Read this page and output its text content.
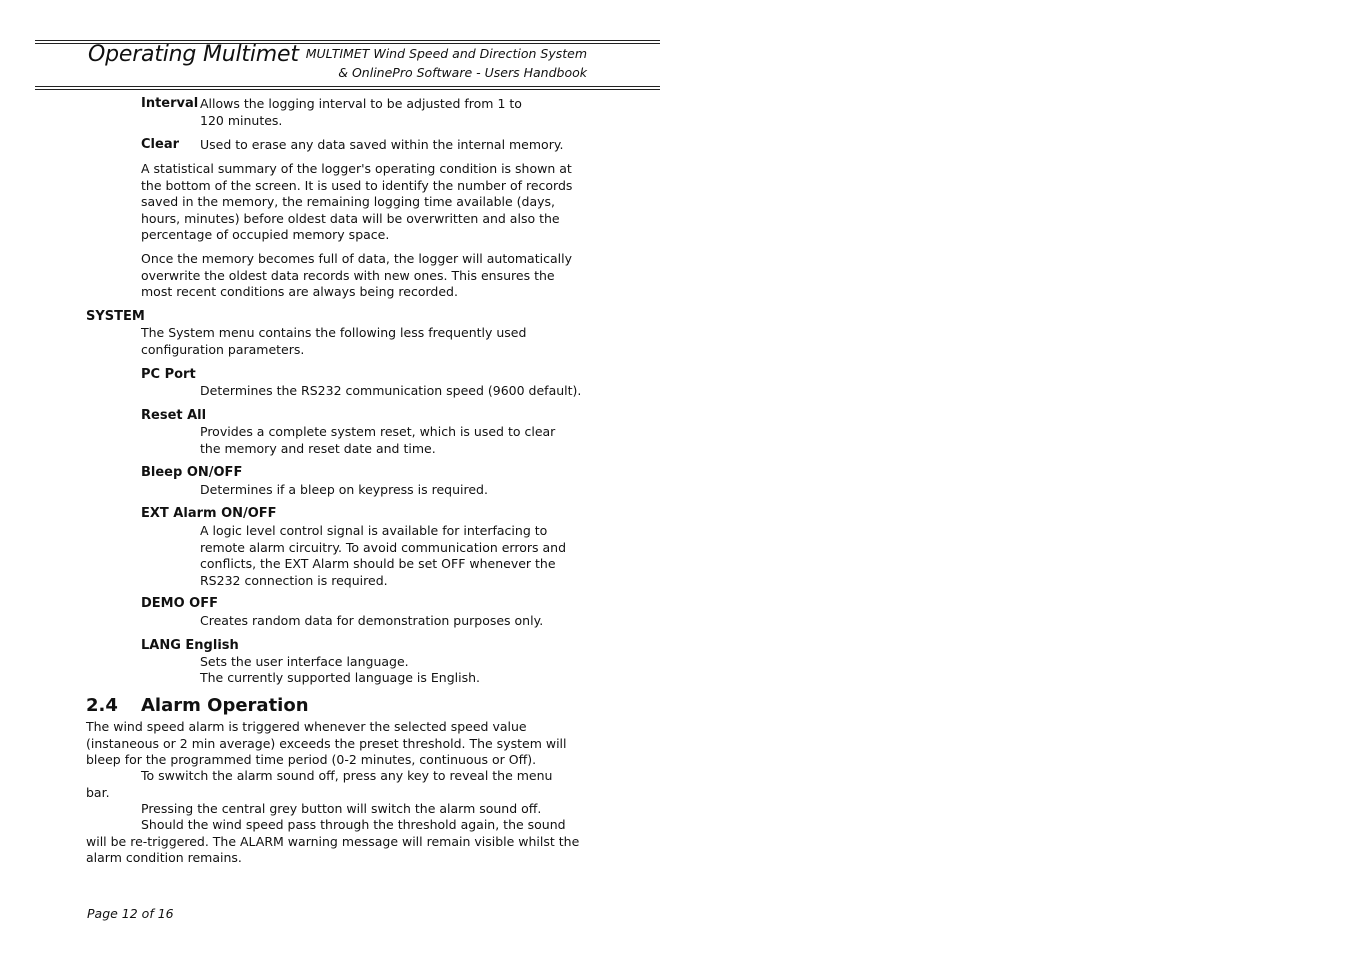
Operating Multimet MULTIMET Wind Speed and Direction System
& OnlinePro Software - Users Handbook
Interval Allows the logging interval to be adjusted from 1 to 120 minutes.
Clear Used to erase any data saved within the internal memory.
A statistical summary of the logger's operating condition is shown at the bottom of the screen. It is used to identify the number of records saved in the memory, the remaining logging time available (days, hours, minutes) before oldest data will be overwritten and also the percentage of occupied memory space.
Once the memory becomes full of data, the logger will automatically overwrite the oldest data records with new ones. This ensures the most recent conditions are always being recorded.
SYSTEM
The System menu contains the following less frequently used configuration parameters.
PC Port
Determines the RS232 communication speed (9600 default).
Reset All
Provides a complete system reset, which is used to clear the memory and reset date and time.
Bleep ON/OFF
Determines if a bleep on keypress is required.
EXT Alarm ON/OFF
A logic level control signal is available for interfacing to remote alarm circuitry. To avoid communication errors and conflicts, the EXT Alarm should be set OFF whenever the RS232 connection is required.
DEMO OFF
Creates random data for demonstration purposes only.
LANG English
Sets the user interface language.
The currently supported language is English.
2.4 Alarm Operation
The wind speed alarm is triggered whenever the selected speed value (instaneous or 2 min average) exceeds the preset threshold. The system will bleep for the programmed time period (0-2 minutes, continuous or Off).
To swwitch the alarm sound off, press any key to reveal the menu bar.
Pressing the central grey button will switch the alarm sound off.
Should the wind speed pass through the threshold again, the sound will be re-triggered. The ALARM warning message will remain visible whilst the alarm condition remains.
Page 12 of 16
